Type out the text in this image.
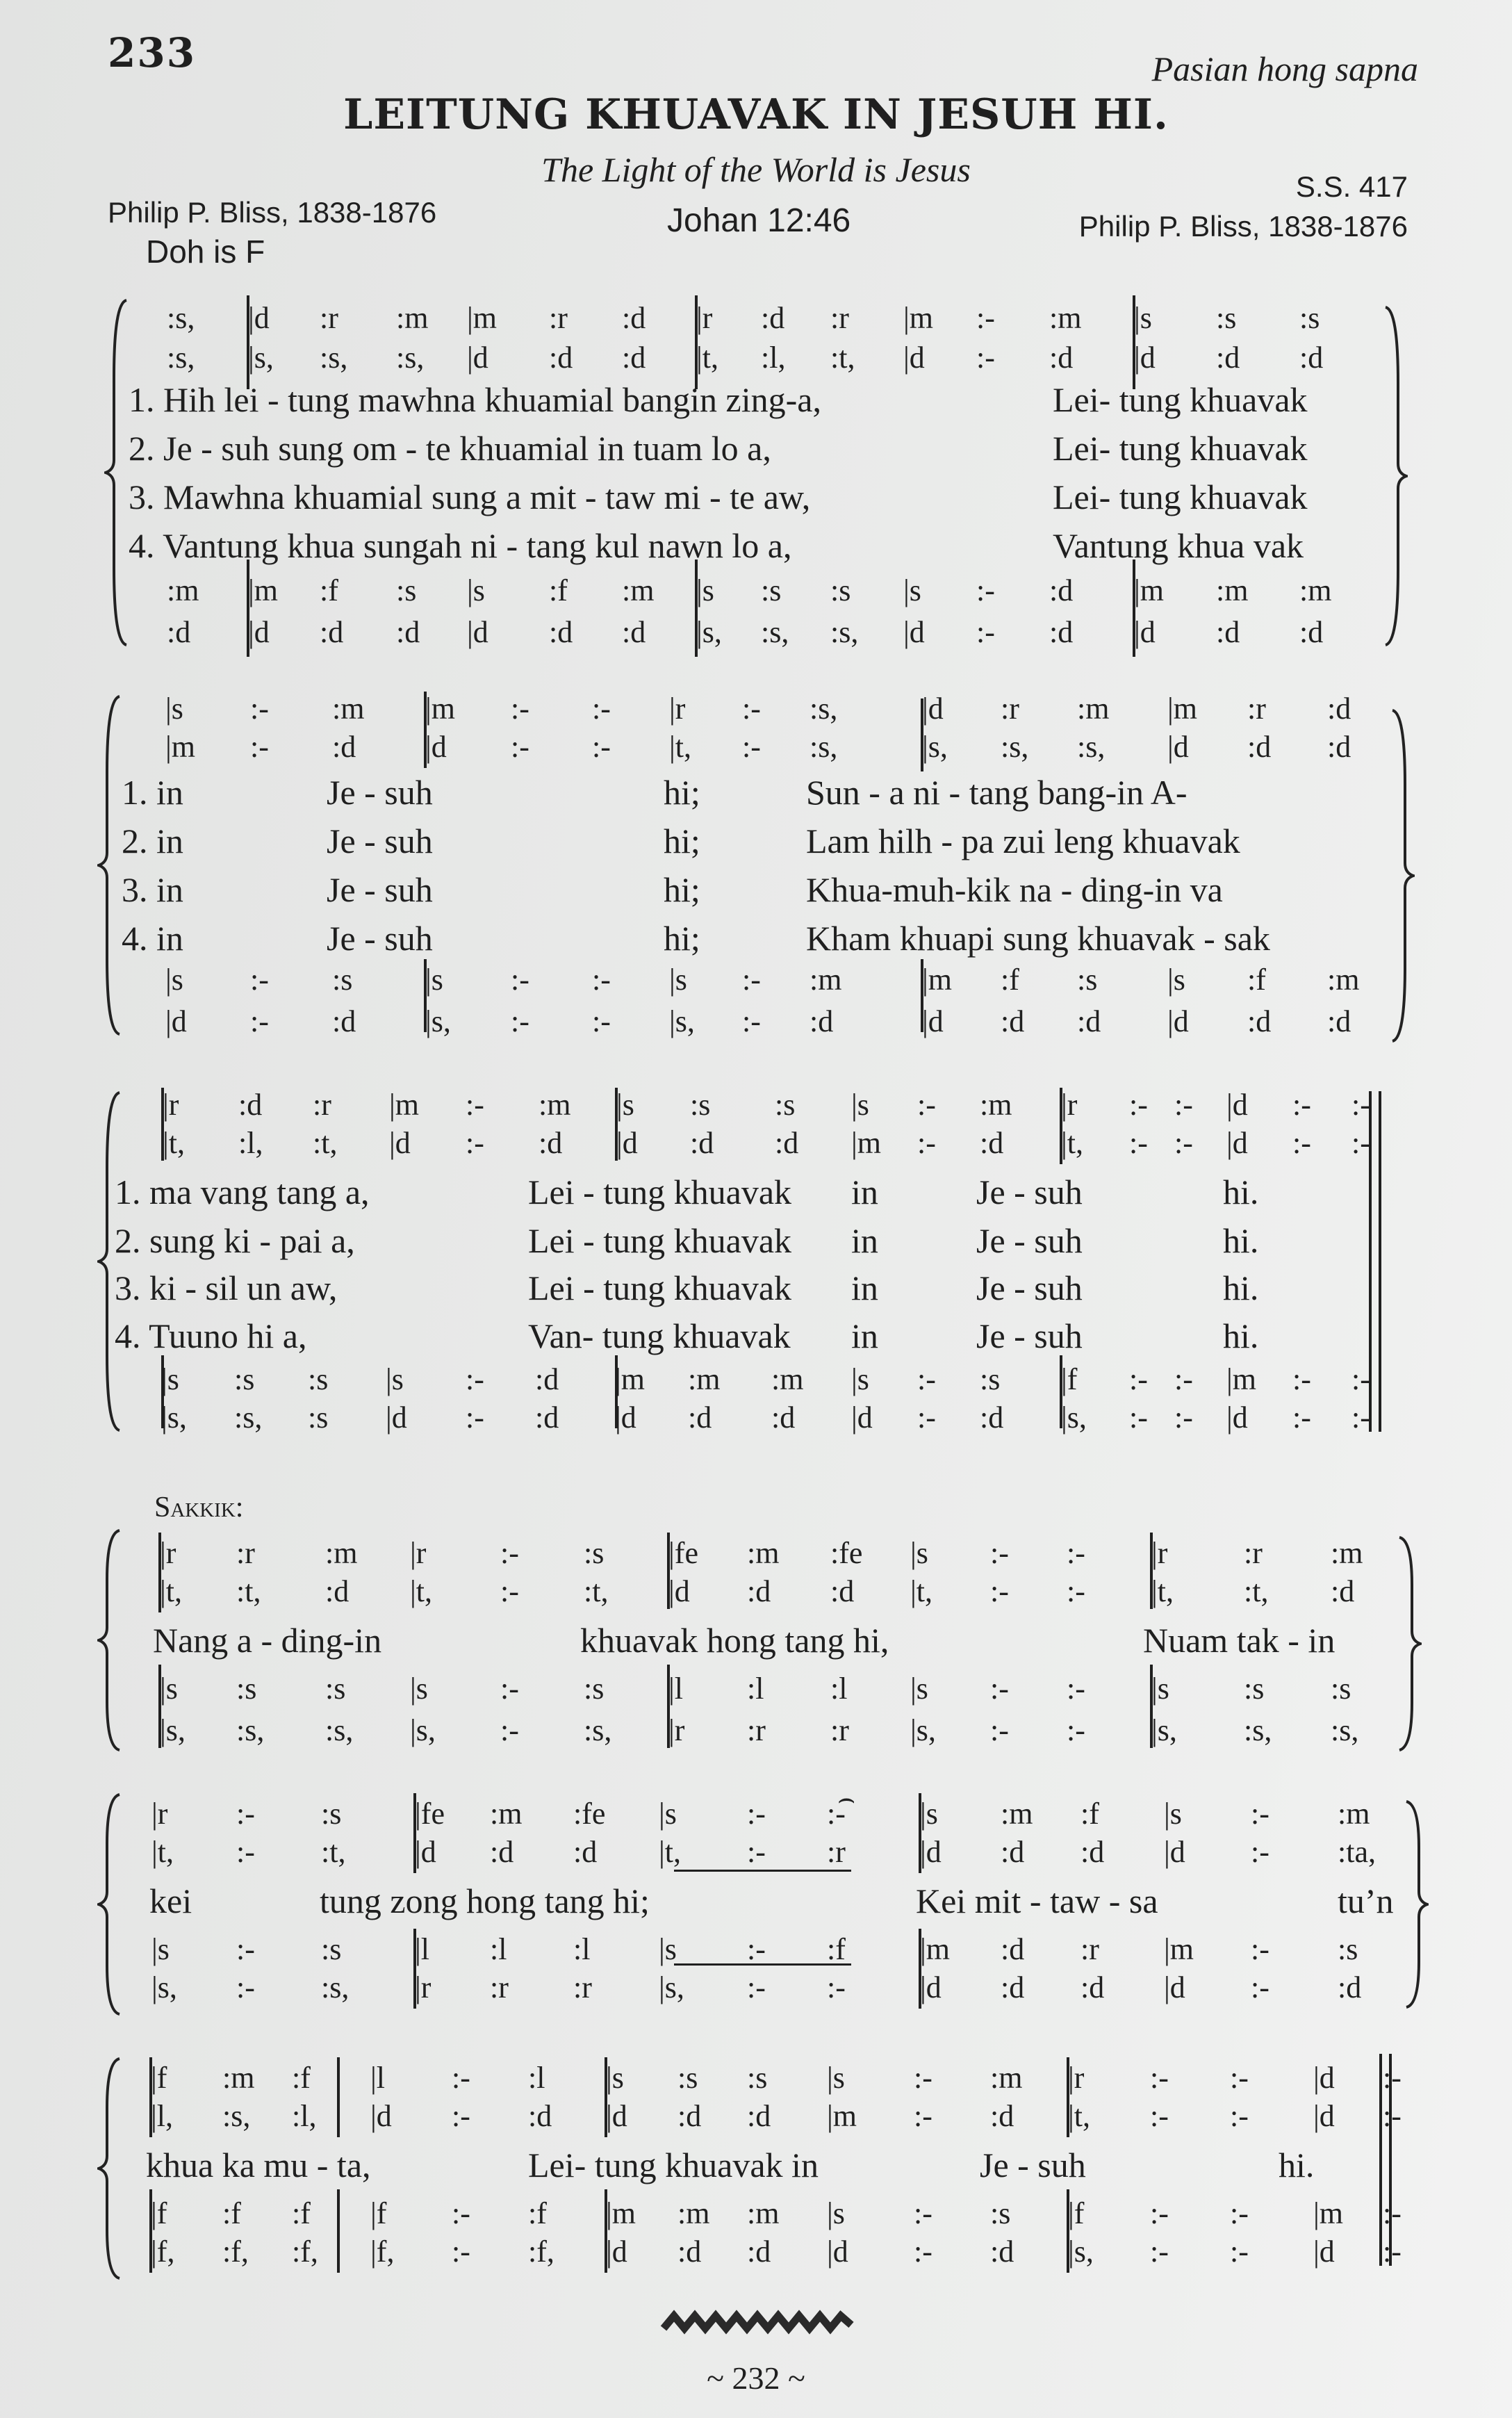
233	Pasian hong sapna
LEITUNG KHUAVAK IN JESUH HI.
The Light of the World is Jesus	S.S. 417
Philip P. Bliss, 1838-1876	Johan 12:46	Philip P. Bliss, 1838-1876
Doh is F
:s, |d :r :m |m :r :d |r :d :r |m :- :m |s :s :s
:s, |s, :s, :s, |d :d :d |t, :l, :t, |d :- :d |d :d :d
1. Hih lei - tung mawhna khuamial bangin zing-a,	Lei- tung khuavak
2. Je - suh sung om - te khuamial in tuam lo a,	Lei- tung khuavak
3. Mawhna khuamial sung a mit - taw mi - te aw,	Lei- tung khuavak
4. Vantung khua sungah ni - tang kul nawn lo a,	Vantung khua vak
:m |m :f :s |s :f :m |s :s :s |s :- :d |m :m :m
:d |d :d :d |d :d :d |s, :s, :s, |d :- :d |d :d :d
|s :- :m |m :- :- |r :- :s,	|d :r :m |m :r :d
|m :- :d |d :- :- |t, :- :s,	|s, :s, :s, |d :d :d
1. in	Je - suh	hi;	Sun - a ni - tang bang-in A-
2. in	Je - suh	hi;	Lam hilh - pa zui leng khuavak
3. in	Je - suh	hi;	Khua-muh-kik na - ding-in va
4. in	Je - suh	hi;	Kham khuapi sung khuavak - sak
|s :- :s |s :- :- |s :- :m	|m :f :s |s :f :m
|d :- :d |s, :- :- |s, :- :d	|d :d :d |d :d :d
|r :d :r |m :- :m |s :s :s |s :- :m |r :- :- |d :- :-
|t, :l, :t, |d :- :d |d :d :d |m :- :d |t, :- :- |d :- :-
1. ma vang tang a,	Lei - tung khuavak in	Je - suh	hi.
2. sung ki - pai a,	Lei - tung khuavak in	Je - suh	hi.
3. ki - sil un aw,	Lei - tung khuavak in	Je - suh	hi.
4. Tuuno hi a,	Van- tung khuavak in	Je - suh	hi.
|s :s :s |s :- :d |m :m :m |s :- :s |f :- :- |m :- :-
|s, :s, :s |d :- :d |d :d :d |d :- :d |s, :- :- |d :- :-
|r :r :m |r :- :s |fe :m :fe |s :- :- |r :r :m
|t, :t, :d |t, :- :t, |d :d :d |t, :- :- |t, :t, :d
Nang a - ding-in	khuavak hong tang hi,	Nuam tak - in
|s :s :s |s :- :s |l :l :l |s :- :- |s :s :s
|s, :s, :s, |s, :- :s, |r :r :r |s, :- :- |s, :s, :s,
⌢
|r :- :s |fe :m :fe |s :- :- |s :m :f |s :- :m
|t, :- :t, |d :d :d |t, :- :r |d :d :d |d :- :ta,
kei	tung zong hong tang hi;	Kei mit - taw - sa	tu’n
|s :- :s |l :l :l |s :- :f |m :d :r |m :- :s
|s, :- :s, |r :r :r |s, :- :- |d :d :d |d :- :d
|f :m :f |l :- :l |s :s :s |s :- :m |r :- :- |d :-
|l, :s, :l, |d :- :d |d :d :d |m :- :d |t, :- :- |d :-
khua ka mu - ta,	Lei- tung khuavak in	Je - suh	hi.
|f :f :f |f :- :f |m :m :m |s :- :s |f :- :- |m :-
|f, :f, :f, |f, :- :f, |d :d :d |d :- :d |s, :- :- |d :-
Sakkik:
~ 232 ~
